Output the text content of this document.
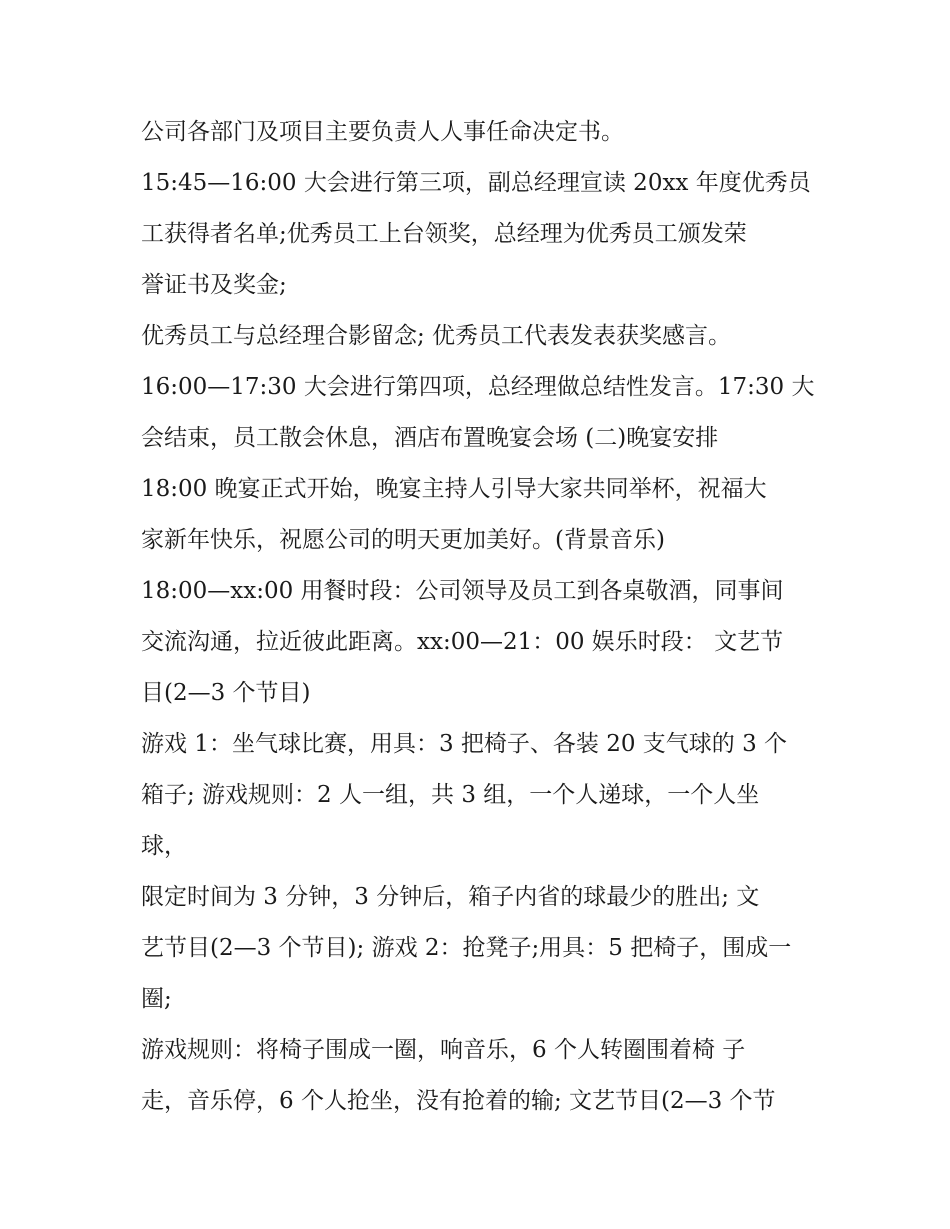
公司各部门及项目主要负责人人事任命决定书。
15:45—16:00 大会进行第三项，副总经理宣读 20xx 年度优秀员
工获得者名单;优秀员工上台领奖，总经理为优秀员工颁发荣
誉证书及奖金;
优秀员工与总经理合影留念; 优秀员工代表发表获奖感言。
16:00—17:30 大会进行第四项，总经理做总结性发言。17:30 大
会结束，员工散会休息，酒店布置晚宴会场 (二)晚宴安排
18:00 晚宴正式开始，晚宴主持人引导大家共同举杯，祝福大
家新年快乐，祝愿公司的明天更加美好。(背景音乐)
18:00—xx:00 用餐时段：公司领导及员工到各桌敬酒，同事间
交流沟通，拉近彼此距离。xx:00—21：00 娱乐时段： 文艺节
目(2—3 个节目)
游戏 1：坐气球比赛，用具：3 把椅子、各装 20 支气球的 3 个
箱子; 游戏规则：2 人一组，共 3 组，一个人递球，一个人坐
球，
限定时间为 3 分钟，3 分钟后，箱子内省的球最少的胜出; 文
艺节目(2—3 个节目); 游戏 2：抢凳子;用具：5 把椅子，围成一
圈;
游戏规则：将椅子围成一圈，响音乐，6 个人转圈围着椅 子
走，音乐停，6 个人抢坐，没有抢着的输; 文艺节目(2—3 个节
